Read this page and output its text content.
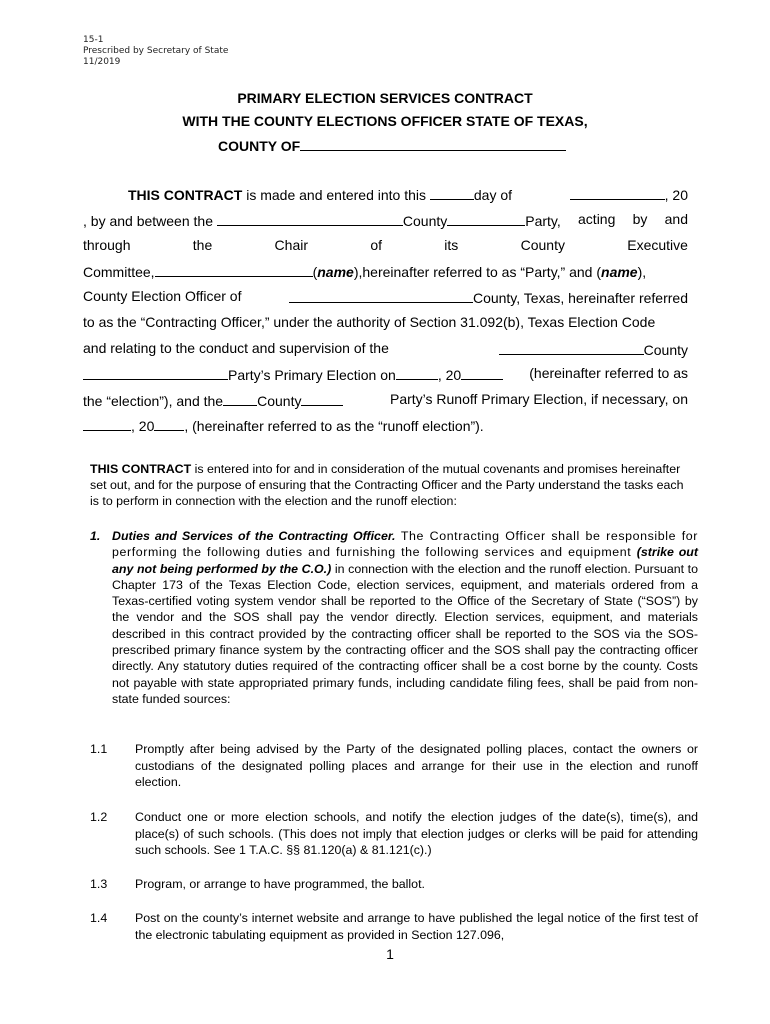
15-1
Prescribed by Secretary of State
11/2019
PRIMARY ELECTION SERVICES CONTRACT
WITH THE COUNTY ELECTIONS OFFICER STATE OF TEXAS,
COUNTY OF
THIS CONTRACT is made and entered into this	day of	, 20
, by and between the	County	Party, acting by and
through	the	Chair	of	its	County	Executive
Committee,	(name),hereinafter referred to as “Party,” and (name),
County Election Officer of	County, Texas, hereinafter referred
to as the “Contracting Officer,” under the authority of Section 31.092(b), Texas Election Code
and relating to the conduct and supervision of the	County
Party’s Primary Election on	, 20	(hereinafter referred to as
the “election”), and the County	Party’s Runoff Primary Election, if necessary, on
, 20 , (hereinafter referred to as the “runoff election”).
THIS CONTRACT is entered into for and in consideration of the mutual covenants and promises hereinafter set out, and for the purpose of ensuring that the Contracting Officer and the Party understand the tasks each is to perform in connection with the election and the runoff election:
1. Duties and Services of the Contracting Officer. The Contracting Officer shall be responsible for performing the following duties and furnishing the following services and equipment (strike out any not being performed by the C.O.) in connection with the election and the runoff election. Pursuant to Chapter 173 of the Texas Election Code, election services, equipment, and materials ordered from a Texas-certified voting system vendor shall be reported to the Office of the Secretary of State (“SOS”) by the vendor and the SOS shall pay the vendor directly. Election services, equipment, and materials described in this contract provided by the contracting officer shall be reported to the SOS via the SOS-prescribed primary finance system by the contracting officer and the SOS shall pay the contracting officer directly. Any statutory duties required of the contracting officer shall be a cost borne by the county. Costs not payable with state appropriated primary funds, including candidate filing fees, shall be paid from non-state funded sources:
1.1 Promptly after being advised by the Party of the designated polling places, contact the owners or custodians of the designated polling places and arrange for their use in the election and runoff election.
1.2 Conduct one or more election schools, and notify the election judges of the date(s), time(s), and place(s) of such schools. (This does not imply that election judges or clerks will be paid for attending such schools. See 1 T.A.C. §§ 81.120(a) & 81.121(c).)
1.3 Program, or arrange to have programmed, the ballot.
1.4 Post on the county’s internet website and arrange to have published the legal notice of the first test of the electronic tabulating equipment as provided in Section 127.096,
1
